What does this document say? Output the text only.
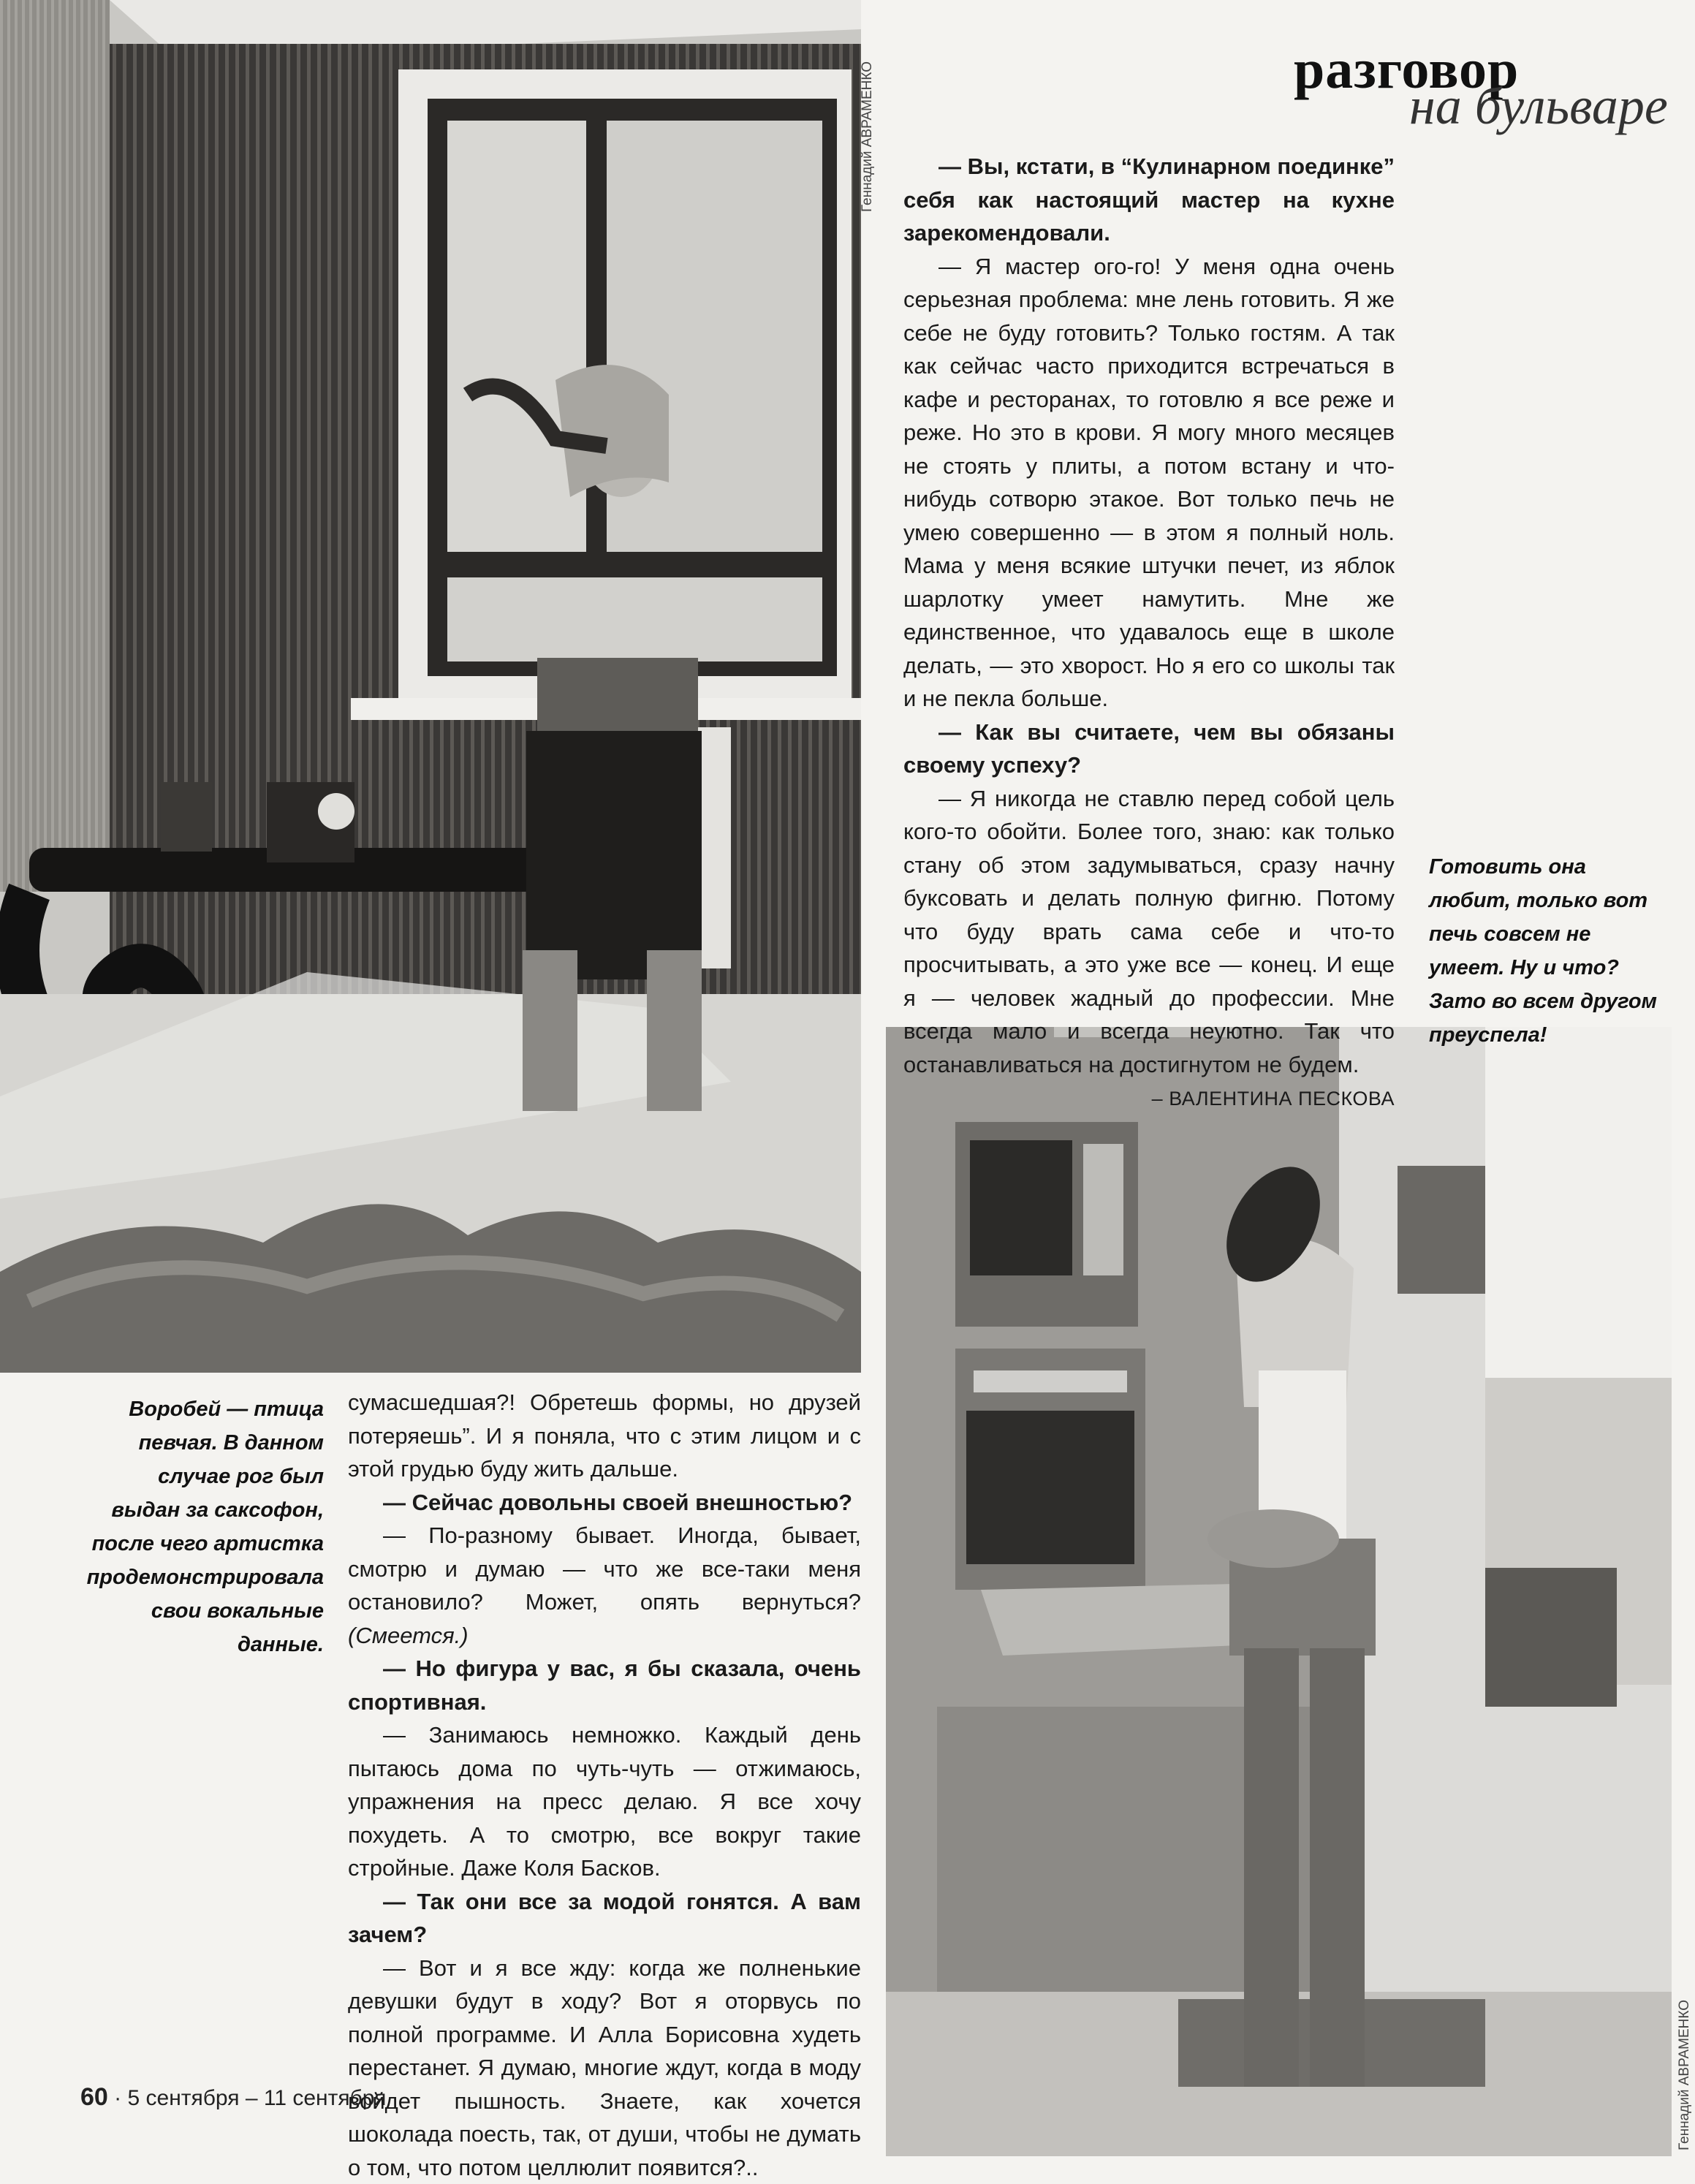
разговор
на бульваре
Геннадий АВРАМЕНКО
Геннадий АВРАМЕНКО

— Вы, кстати, в “Кулинарном поединке” себя как настоящий мастер на кухне зарекомендовали.

— Я мастер ого-го! У меня одна очень серьезная проблема: мне лень готовить. Я же себе не буду готовить? Только гостям. А так как сейчас часто приходится встречаться в кафе и ресторанах, то готовлю я все реже и реже. Но это в крови. Я могу много месяцев не стоять у плиты, а потом встану и что-нибудь сотворю этакое. Вот только печь не умею совершенно — в этом я полный ноль. Мама у меня всякие штучки печет, из яблок шарлотку умеет намутить. Мне же единственное, что удавалось еще в школе делать, — это хворост. Но я его со школы так и не пекла больше.

— Как вы считаете, чем вы обязаны своему успеху?

— Я никогда не ставлю перед собой цель кого-то обойти. Более того, знаю: как только стану об этом задумываться, сразу начну буксовать и делать полную фигню. Потому что буду врать сама себе и что-то просчитывать, а это уже все — конец. И еще я — человек жадный до профессии. Мне всегда мало и всегда неуютно. Так что останавливаться на достигнутом не будем.

– ВАЛЕНТИНА ПЕСКОВА

Готовить она любит, только вот печь совсем не умеет. Ну и что? Зато во всем другом преуспела!
Воробей — птица певчая. В данном случае рог был выдан за саксофон, после чего артистка продемонстрировала свои вокальные данные.

сумасшедшая?! Обретешь формы, но друзей потеряешь”. И я поняла, что с этим лицом и с этой грудью буду жить дальше.

— Сейчас довольны своей внешностью?

— По-разному бывает. Иногда, бывает, смотрю и думаю — что же все-таки меня остановило? Может, опять вернуться? (Смеется.)

— Но фигура у вас, я бы сказала, очень спортивная.

— Занимаюсь немножко. Каждый день пытаюсь дома по чуть-чуть — отжимаюсь, упражнения на пресс делаю. Я все хочу похудеть. А то смотрю, все вокруг такие стройные. Даже Коля Басков.

— Так они все за модой гонятся. А вам зачем?

— Вот и я все жду: когда же полненькие девушки будут в ходу? Вот я оторвусь по полной программе. И Алла Борисовна худеть перестанет. Я думаю, многие ждут, когда в моду войдет пышность. Знаете, как хочется шоколада поесть, так, от души, чтобы не думать о том, что потом целлюлит появится?..

60 · 5 сентября – 11 сентября
